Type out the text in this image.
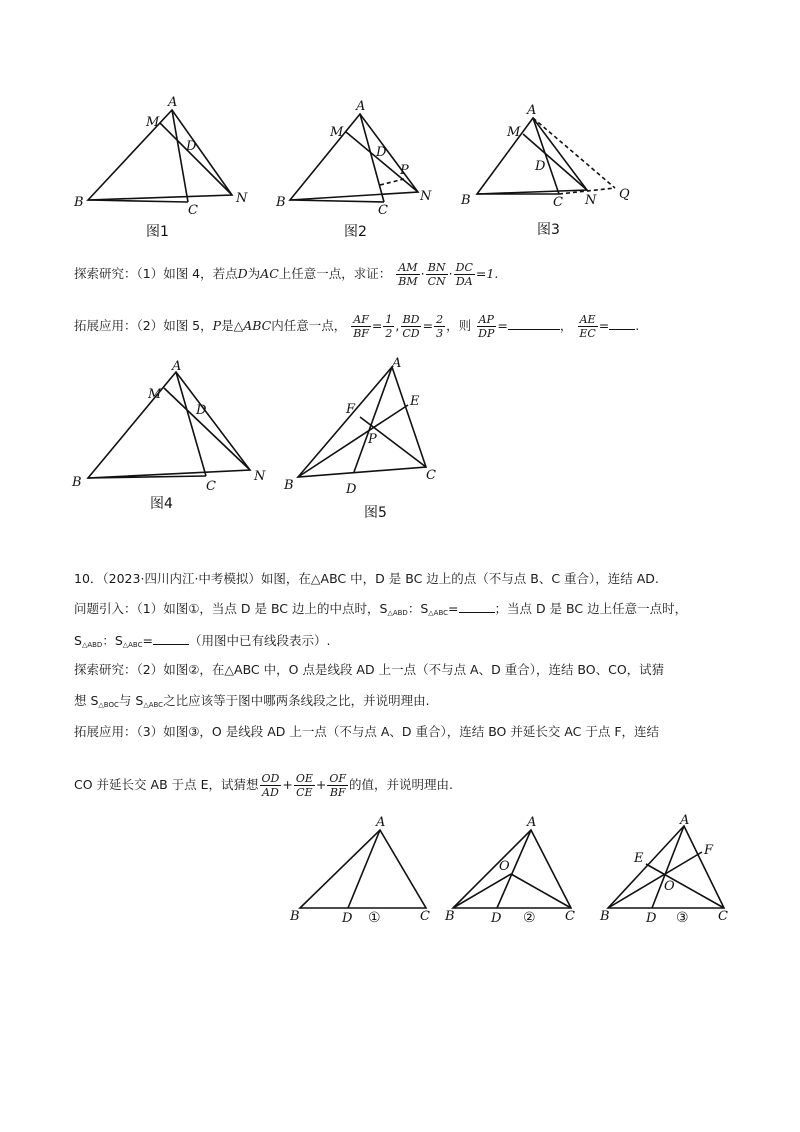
A
M
D
B
C
N
图1
A
M
D
P
B
C
N
图2
A
M
D
B	C N Q
图3
探索研究：（1）如图 4，若点D为AC上任意一点，求证： $\frac{AM}{BM} \cdot \frac{BN}{CN} \cdot \frac{DC}{DA} =1$.
拓展应用：（2）如图 5，P是△ABC内任意一点， $\frac{AF}{BF} = \frac{1}{2}$ , $\frac{BD}{CD} = \frac{2}{3}$ ，则 $\frac{AP}{DP}$ =	， $\frac{AE}{EC}$ = .
A
M
D
B	C
N
图4
A
F
E
P
B	D
C
图5
10．（2023·四川内江·中考模拟）如图，在△ABC 中，D 是 BC 边上的点（不与点 B、C 重合），连结 AD.
问题引入：（1）如图①，当点 D 是 BC 边上的中点时，$S_{\triangle ABD}$：$S_{\triangle ABC}=$	；当点 D 是 BC 边上任意一点时，
$S_{\triangle ABD}$：$S_{\triangle ABC}=$	（用图中已有线段表示）.
探索研究：（2）如图②，在△ABC 中，O 点是线段 AD 上一点（不与点 A、D 重合），连结 BO、CO，试猜
想 $S_{\triangle BOC}$与 $S_{\triangle ABC}$之比应该等于图中哪两条线段之比，并说明理由.
拓展应用：（3）如图③，O 是线段 AD 上一点（不与点 A、D 重合），连结 BO 并延长交 AC 于点 F，连结
CO 并延长交 AB 于点 E，试猜想 $\frac{OD}{AD} + \frac{OE}{CE} + \frac{OF}{BF}$ 的值，并说明理由.
A
B	D	C
①
A
O
B	D	C
②
A
E
F
O
B	D	C
③
